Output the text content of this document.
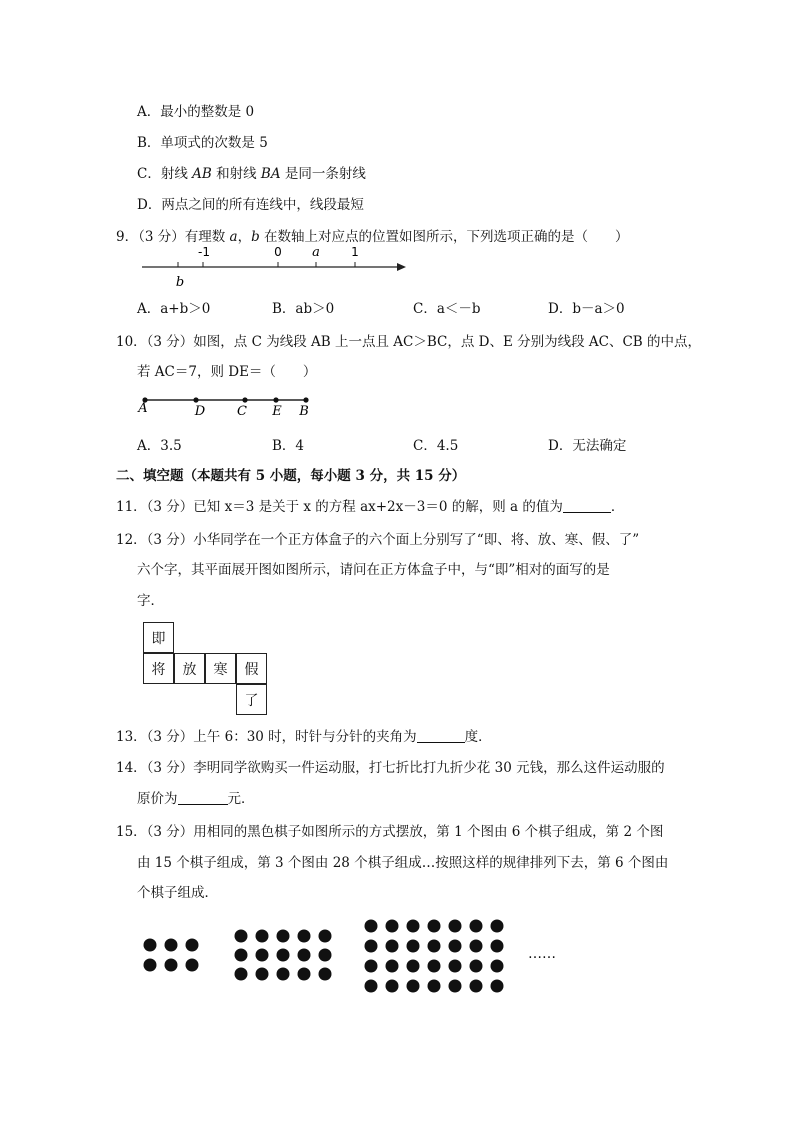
A．最小的整数是 0
B．单项式的次数是 5
C．射线 AB 和射线 BA 是同一条射线
D．两点之间的所有连线中，线段最短
9．（3 分）有理数 a，b 在数轴上对应点的位置如图所示，下列选项正确的是（　　）
b
-1	0 a	1
A．a+b＞0	B．ab＞0	C．a＜－b	D．b－a＞0
10．（3 分）如图，点 C 为线段 AB 上一点且 AC＞BC，点 D、E 分别为线段 AC、CB 的中点，
若 AC＝7，则 DE＝（　　）
A	D C E B
A．3.5	B．4	C．4.5	D．无法确定
二、填空题（本题共有 5 小题，每小题 3 分，共 15 分）
11．（3 分）已知 x＝3 是关于 x 的方程 ax+2x－3＝0 的解，则 a 的值为	．
12．（3 分）小华同学在一个正方体盒子的六个面上分别写了“即、将、放、寒、假、了”
六个字，其平面展开图如图所示，请问在正方体盒子中，与“即”相对的面写的是
字．
即
将	放	寒	假
了
13．（3 分）上午 6：30 时，时针与分针的夹角为	度．
14．（3 分）李明同学欲购买一件运动服，打七折比打九折少花 30 元钱，那么这件运动服的
原价为	元．
15．（3 分）用相同的黑色棋子如图所示的方式摆放，第 1 个图由 6 个棋子组成，第 2 个图
由 15 个棋子组成，第 3 个图由 28 个棋子组成…按照这样的规律排列下去，第 6 个图由
个棋子组成．
……
